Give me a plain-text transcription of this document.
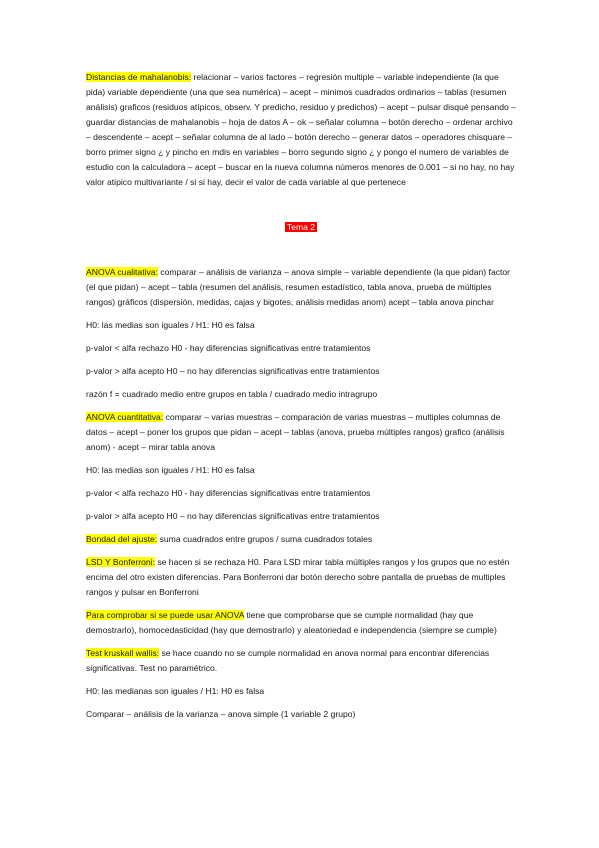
Distancias de mahalanobis: relacionar – varios factores – regresión multiple – variable independiente (la que pida) variable dependiente (una que sea numérica) – acept – minimos cuadrados ordinarios – tablas (resumen análisis) graficos (residuos atípicos, observ. Y predicho, residuo y predichos) – acept – pulsar disqué pensando – guardar distancias de mahalanobis – hoja de datos A – ok – señalar columna – botón derecho – ordenar archivo – descendente – acept – señalar columna de al lado – botón derecho – generar datos – operadores chisquare – borro primer signo ¿ y pincho en mdis en variables – borro segundo signo ¿ y pongo el numero de variables de estudio con la calculadora – acept – buscar en la nueva columna números menores de 0.001 – si no hay, no hay valor atipico multivariante / si si hay, decir el valor de cada variable al que pertenece

Tema 2

ANOVA cualitativa: comparar – análisis de varianza – anova simple – variable dependiente (la que pidan) factor (el que pidan) – acept – tabla (resumen del análisis, resumen estadístico, tabla anova, prueba de múltiples rangos) gráficos (dispersión, medidas, cajas y bigotes, análisis medidas anom) acept – tabla anova pinchar

H0: las medias son iguales / H1: H0 es falsa

p-valor < alfa rechazo H0 - hay diferencias significativas entre tratamientos

p-valor > alfa acepto H0 – no hay diferencias significativas entre tratamientos

razón f = cuadrado medio entre grupos en tabla / cuadrado medio intragrupo

ANOVA cuantitativa: comparar – varias muestras – comparación de varias muestras – multiples columnas de datos – acept – poner los grupos que pidan – acept – tablas (anova, prueba múltiples rangos) grafico (análisis anom) - acept – mirar tabla anova

H0: las medias son iguales / H1: H0 es falsa

p-valor < alfa rechazo H0 - hay diferencias significativas entre tratamientos

p-valor > alfa acepto H0 – no hay diferencias significativas entre tratamientos

Bondad del ajuste: suma cuadrados entre grupos / suma cuadrados totales

LSD Y Bonferroni: se hacen si se rechaza H0. Para LSD mirar tabla múltiples rangos y los grupos que no estén encima del otro existen diferencias. Para Bonferroni dar botón derecho sobre pantalla de pruebas de multiples rangos y pulsar en Bonferroni

Para comprobar si se puede usar ANOVA tiene que comprobarse que se cumple normalidad (hay que demostrarlo), homocedasticidad (hay que demostrarlo) y aleatoriedad e independencia (siempre se cumple)

Test kruskall wallis: se hace cuando no se cumple normalidad en anova normal para encontrar diferencias significativas. Test no paramétrico.

H0: las medianas son iguales / H1: H0 es falsa

Comparar – análisis de la varianza – anova simple (1 variable 2 grupo)
